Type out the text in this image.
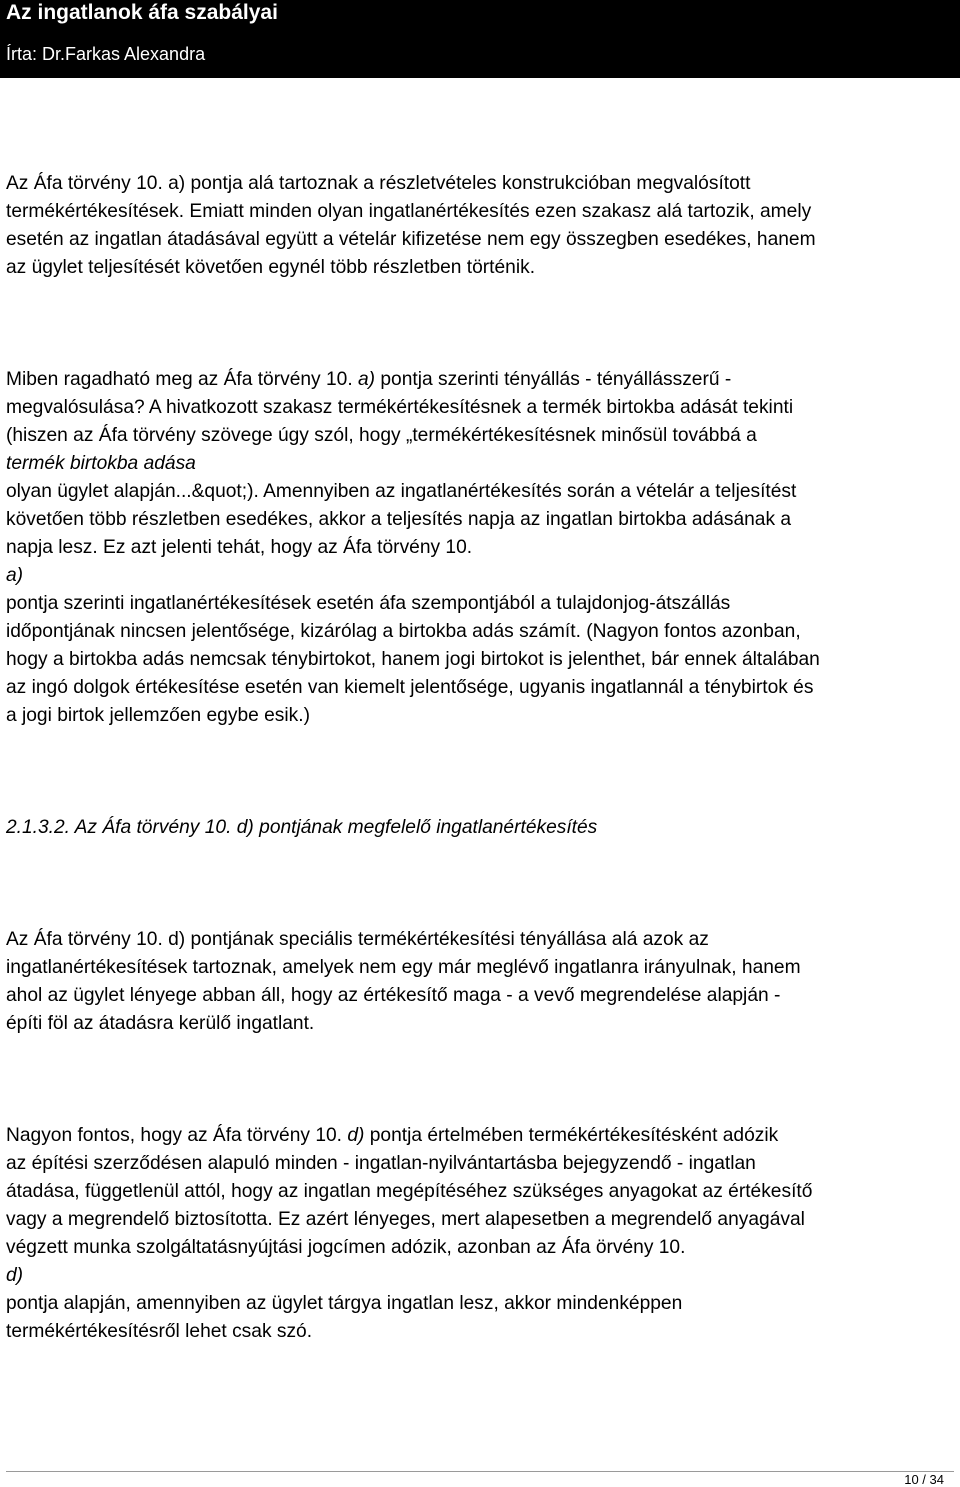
Az ingatlanok áfa szabályai
Írta: Dr.Farkas Alexandra
Az Áfa törvény 10. a) pontja alá tartoznak a részletvételes konstrukcióban megvalósított
termékértékesítések. Emiatt minden olyan ingatlanértékesítés ezen szakasz alá tartozik, amely
esetén az ingatlan átadásával együtt a vételár kifizetése nem egy összegben esedékes, hanem
az ügylet teljesítését követően egynél több részletben történik.
Miben ragadható meg az Áfa törvény 10. a) pontja szerinti tényállás - tényállásszerű -
megvalósulása? A hivatkozott szakasz termékértékesítésnek a termék birtokba adását tekinti
(hiszen az Áfa törvény szövege úgy szól, hogy „termékértékesítésnek minősül továbbá a
termék birtokba adása
olyan ügylet alapján...&quot;). Amennyiben az ingatlanértékesítés során a vételár a teljesítést
követően több részletben esedékes, akkor a teljesítés napja az ingatlan birtokba adásának a
napja lesz. Ez azt jelenti tehát, hogy az Áfa törvény 10.
a)
pontja szerinti ingatlanértékesítések esetén áfa szempontjából a tulajdonjog-átszállás
időpontjának nincsen jelentősége, kizárólag a birtokba adás számít. (Nagyon fontos azonban,
hogy a birtokba adás nemcsak ténybirtokot, hanem jogi birtokot is jelenthet, bár ennek általában
az ingó dolgok értékesítése esetén van kiemelt jelentősége, ugyanis ingatlannál a ténybirtok és
a jogi birtok jellemzően egybe esik.)
2.1.3.2. Az Áfa törvény 10. d) pontjának megfelelő ingatlanértékesítés
Az Áfa törvény 10. d) pontjának speciális termékértékesítési tényállása alá azok az
ingatlanértékesítések tartoznak, amelyek nem egy már meglévő ingatlanra irányulnak, hanem
ahol az ügylet lényege abban áll, hogy az értékesítő maga - a vevő megrendelése alapján -
építi föl az átadásra kerülő ingatlant.
Nagyon fontos, hogy az Áfa törvény 10. d) pontja értelmében termékértékesítésként adózik
az építési szerződésen alapuló minden - ingatlan-nyilvántartásba bejegyzendő - ingatlan
átadása, függetlenül attól, hogy az ingatlan megépítéséhez szükséges anyagokat az értékesítő
vagy a megrendelő biztosította. Ez azért lényeges, mert alapesetben a megrendelő anyagával
végzett munka szolgáltatásnyújtási jogcímen adózik, azonban az Áfa örvény 10.
d)
pontja alapján, amennyiben az ügylet tárgya ingatlan lesz, akkor mindenképpen
termékértékesítésről lehet csak szó.
10 / 34
